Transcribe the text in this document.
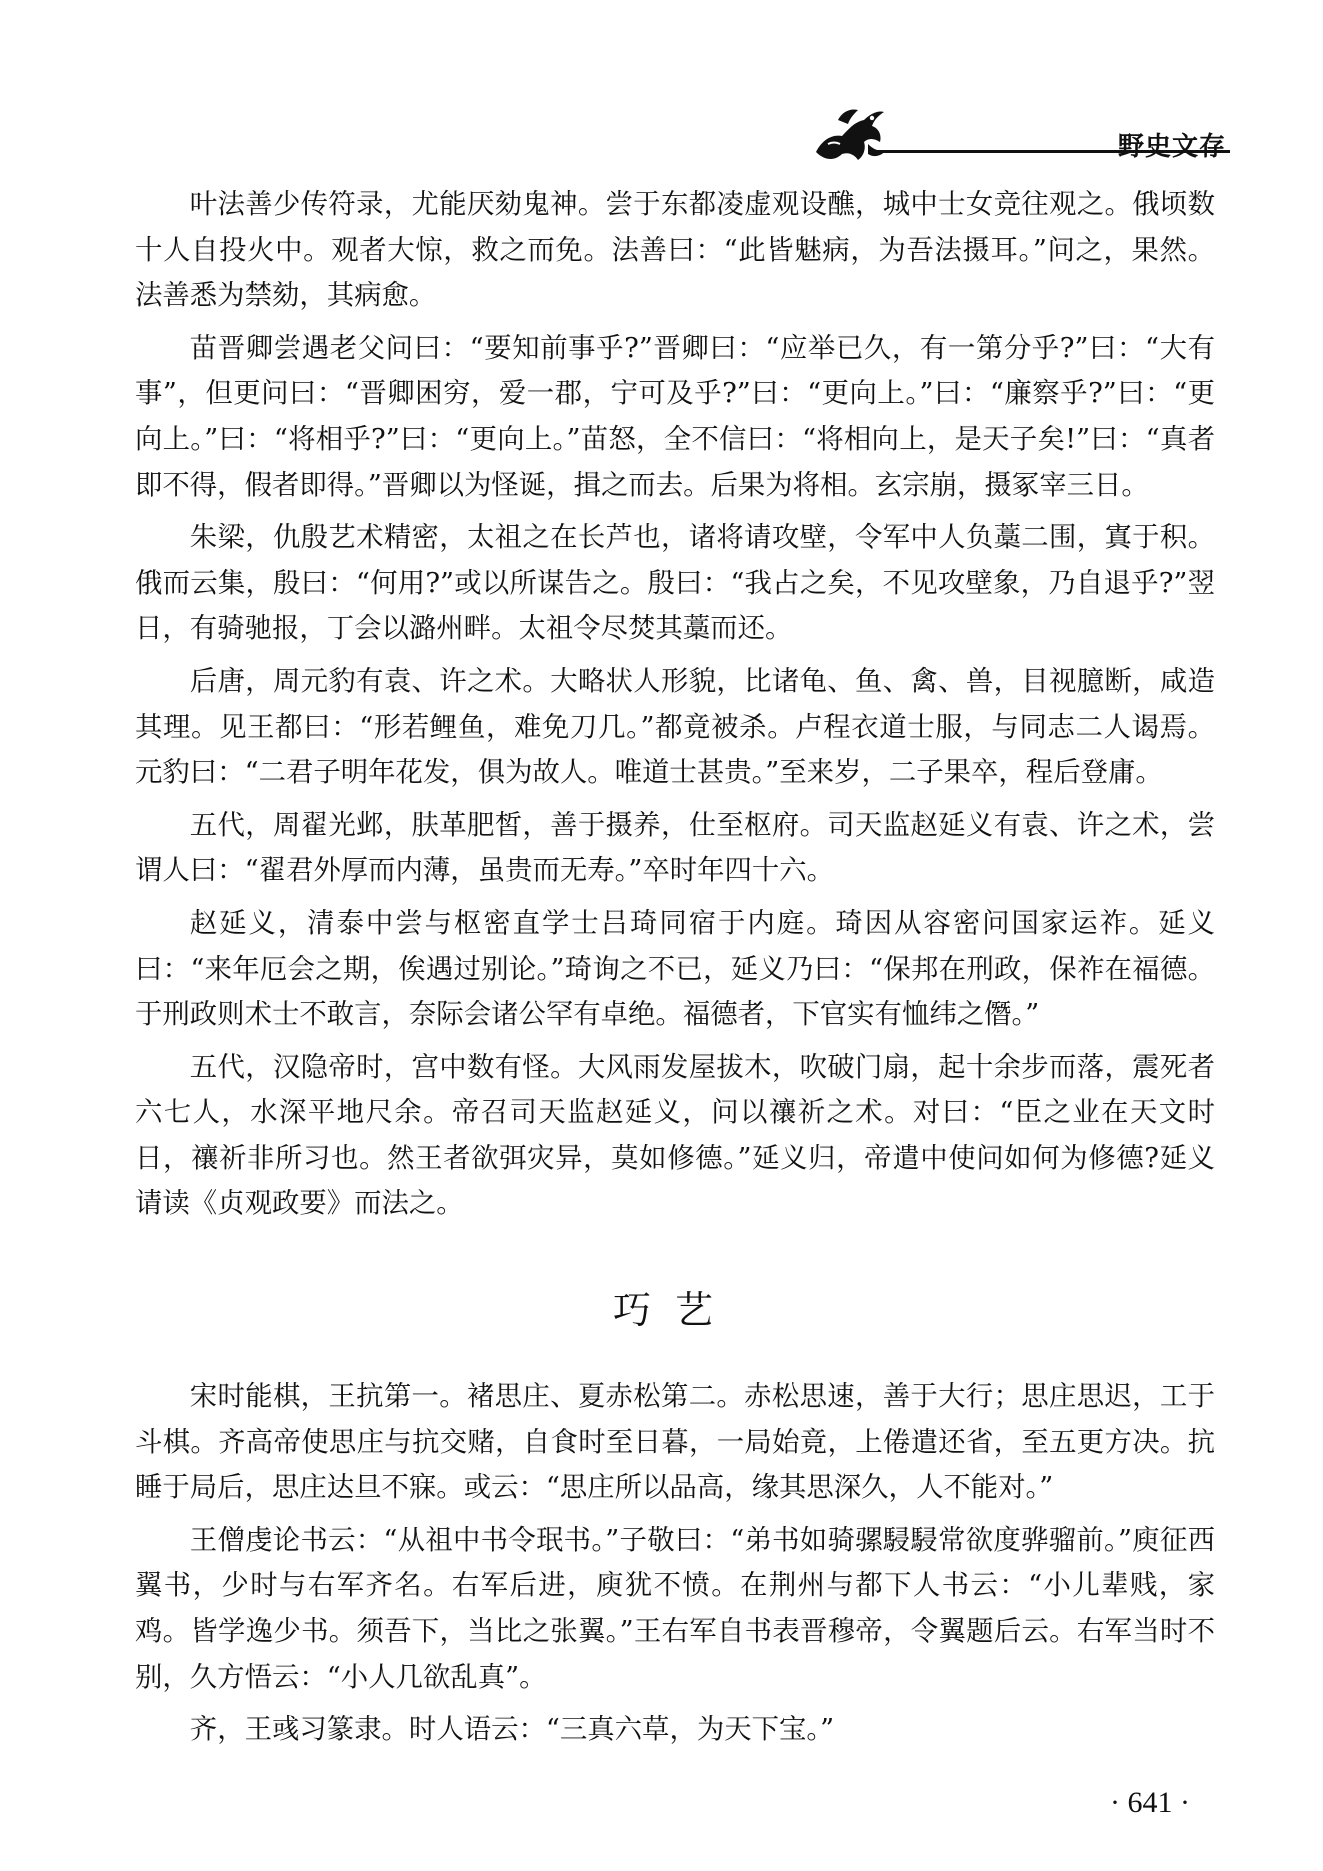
野史文存

叶法善少传符录，尤能厌劾鬼神。尝于东都凌虚观设醮，城中士女竞往观之。俄顷数十人自投火中。观者大惊，救之而免。法善曰：“此皆魅病，为吾法摄耳。”问之，果然。法善悉为禁劾，其病愈。

苗晋卿尝遇老父问曰：“要知前事乎?”晋卿曰：“应举已久，有一第分乎?”曰：“大有事”，但更问曰：“晋卿困穷，爱一郡，宁可及乎?”曰：“更向上。”曰：“廉察乎?”曰：“更向上。”曰：“将相乎?”曰：“更向上。”苗怒，全不信曰：“将相向上，是天子矣!”曰：“真者即不得，假者即得。”晋卿以为怪诞，揖之而去。后果为将相。玄宗崩，摄冢宰三日。

朱梁，仇殷艺术精密，太祖之在长芦也，诸将请攻壁，令军中人负藁二围，寘于积。俄而云集，殷曰：“何用?”或以所谋告之。殷曰：“我占之矣，不见攻壁象，乃自退乎?”翌日，有骑驰报，丁会以潞州畔。太祖令尽焚其藁而还。

后唐，周元豹有袁、许之术。大略状人形貌，比诸龟、鱼、禽、兽，目视臆断，咸造其理。见王都曰：“形若鲤鱼，难免刀几。”都竟被杀。卢程衣道士服，与同志二人谒焉。元豹曰：“二君子明年花发，俱为故人。唯道士甚贵。”至来岁，二子果卒，程后登庸。

五代，周翟光邺，肤革肥皙，善于摄养，仕至枢府。司天监赵延义有袁、许之术，尝谓人曰：“翟君外厚而内薄，虽贵而无寿。”卒时年四十六。

赵延义，清泰中尝与枢密直学士吕琦同宿于内庭。琦因从容密问国家运祚。延义曰：“来年厄会之期，俟遇过别论。”琦询之不已，延义乃曰：“保邦在刑政，保祚在福德。于刑政则术士不敢言，奈际会诸公罕有卓绝。福德者，下官实有恤纬之僭。”

五代，汉隐帝时，宫中数有怪。大风雨发屋拔木，吹破门扇，起十余步而落，震死者六七人，水深平地尺余。帝召司天监赵延义，问以禳祈之术。对曰：“臣之业在天文时日，禳祈非所习也。然王者欲弭灾异，莫如修德。”延义归，帝遣中使问如何为修德?延义请读《贞观政要》而法之。

巧艺

宋时能棋，王抗第一。褚思庄、夏赤松第二。赤松思速，善于大行；思庄思迟，工于斗棋。齐高帝使思庄与抗交赌，自食时至日暮，一局始竟，上倦遣还省，至五更方决。抗睡于局后，思庄达旦不寐。或云：“思庄所以品高，缘其思深久，人不能对。”

王僧虔论书云：“从祖中书令珉书。”子敬曰：“弟书如骑骡駸駸常欲度骅骝前。”庾征西翼书，少时与右军齐名。右军后进，庾犹不愤。在荆州与都下人书云：“小儿辈贱，家鸡。皆学逸少书。须吾下，当比之张翼。”王右军自书表晋穆帝，令翼题后云。右军当时不别，久方悟云：“小人几欲乱真”。

齐，王彧习篆隶。时人语云：“三真六草，为天下宝。”

· 641 ·
